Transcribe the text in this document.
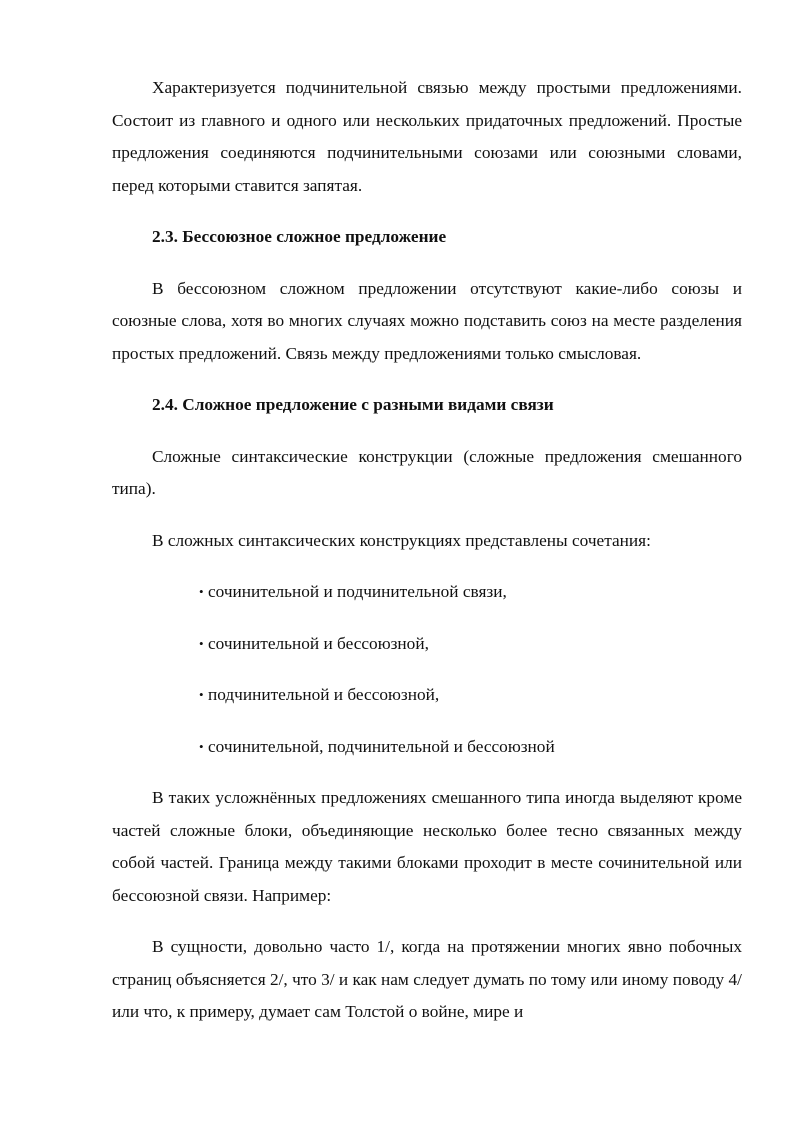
Характеризуется подчинительной связью между простыми предложениями. Состоит из главного и одного или нескольких придаточных предложений. Простые предложения соединяются подчинительными союзами или союзными словами, перед которыми ставится запятая.

2.3. Бессоюзное сложное предложение

В бессоюзном сложном предложении отсутствуют какие-либо союзы и союзные слова, хотя во многих случаях можно подставить союз на месте разделения простых предложений. Связь между предложениями только смысловая.

2.4. Сложное предложение с разными видами связи

Сложные синтаксические конструкции (сложные предложения смешанного типа).

В сложных синтаксических конструкциях представлены сочетания:

• сочинительной и подчинительной связи,
• сочинительной и бессоюзной,
• подчинительной и бессоюзной,
• сочинительной, подчинительной и бессоюзной

В таких усложнённых предложениях смешанного типа иногда выделяют кроме частей сложные блоки, объединяющие несколько более тесно связанных между собой частей. Граница между такими блоками проходит в месте сочинительной или бессоюзной связи. Например:

В сущности, довольно часто 1/, когда на протяжении многих явно побочных страниц объясняется 2/, что 3/ и как нам следует думать по тому или иному поводу 4/ или что, к примеру, думает сам Толстой о войне, мире и
